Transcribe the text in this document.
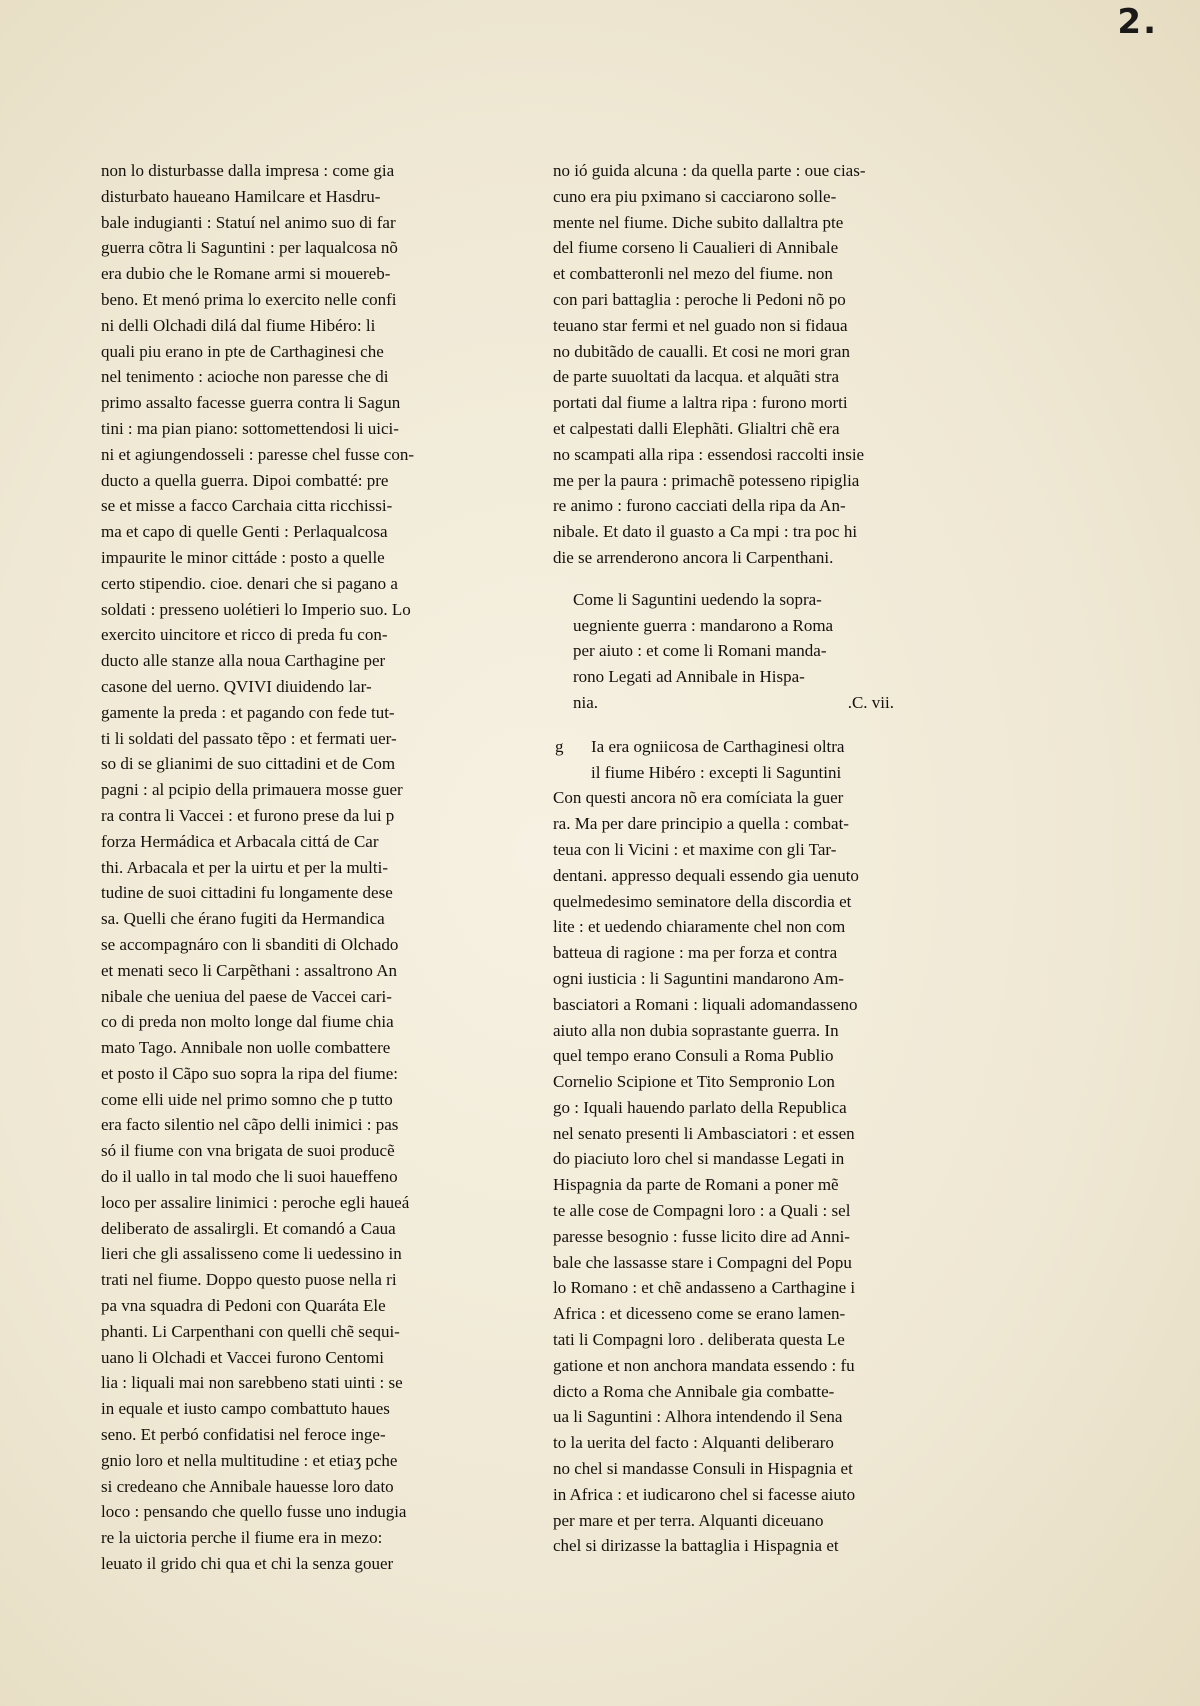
2.
non lo disturbasse dalla impresa : come gia
disturbato haueano Hamilcare et Hasdru-
bale indugianti : Statuí nel animo suo di far
guerra cõtra li Saguntini : per laqualcosa nõ
era dubio che le Romane armi si mouereb-
beno. Et menó prima lo exercito nelle confi
ni delli Olchadi dilá dal fiume Hibéro: li
quali piu erano in pte de Carthaginesi che
nel tenimento : acioche non paresse che di
primo assalto facesse guerra contra li Sagun
tini : ma pian piano: sottomettendosi li uici-
ni et agiungendosseli : paresse chel fusse con-
ducto a quella guerra. Dipoi combatté: pre
se et misse a facco Carchaia citta ricchissi-
ma et capo di quelle Genti : Perlaqualcosa
impaurite le minor cittáde : posto a quelle
certo stipendio. cioe. denari che si pagano a
soldati : presseno uolétieri lo Imperio suo. Lo
exercito uincitore et ricco di preda fu con-
ducto alle stanze alla noua Carthagine per
casone del uerno. QVIVI diuidendo lar-
gamente la preda : et pagando con fede tut-
ti li soldati del passato tẽpo : et fermati uer-
so di se glianimi de suo cittadini et de Com
pagni : al pcipio della primauera mosse guer
ra contra li Vaccei : et furono prese da lui p
forza Hermádica et Arbacala cittá de Car
thi. Arbacala et per la uirtu et per la multi-
tudine de suoi cittadini fu longamente dese
sa. Quelli che érano fugiti da Hermandica
se accompagnáro con li sbanditi di Olchado
et menati seco li Carpẽthani : assaltrono An
nibale che ueniua del paese de Vaccei cari-
co di preda non molto longe dal fiume chia
mato Tago. Annibale non uolle combattere
et posto il Cãpo suo sopra la ripa del fiume:
come elli uide nel primo somno che p tutto
era facto silentio nel cãpo delli inimici : pas
só il fiume con vna brigata de suoi producẽ
do il uallo in tal modo che li suoi haueffeno
loco per assalire linimici : peroche egli haueá
deliberato de assalirgli. Et comandó a Caua
lieri che gli assalisseno come li uedessino in
trati nel fiume. Doppo questo puose nella ri
pa vna squadra di Pedoni con Quaráta Ele
phanti. Li Carpenthani con quelli chẽ sequi-
uano li Olchadi et Vaccei furono Centomi
lia : liquali mai non sarebbeno stati uinti : se
in equale et iusto campo combattuto haues
seno. Et perbó confidatisi nel feroce inge-
gnio loro et nella multitudine : et etiaʒ pche
si credeano che Annibale hauesse loro dato
loco : pensando che quello fusse uno indugia
re la uictoria perche il fiume era in mezo:
leuato il grido chi qua et chi la senza gouer
no ió guida alcuna : da quella parte : oue cias-
cuno era piu pximano si cacciarono solle-
mente nel fiume. Diche subito dallaltra pte
del fiume corseno li Caualieri di Annibale
et combatteronli nel mezo del fiume. non
con pari battaglia : peroche li Pedoni nõ po
teuano star fermi et nel guado non si fidaua
no dubitãdo de caualli. Et cosi ne mori gran
de parte suuoltati da lacqua. et alquãti stra
portati dal fiume a laltra ripa : furono morti
et calpestati dalli Elephãti. Glialtri chẽ era
no scampati alla ripa : essendosi raccolti insie
me per la paura : primachẽ potesseno ripiglia
re animo : furono cacciati della ripa da An-
nibale. Et dato il guasto a Ca mpi : tra poc hi
die se arrenderono ancora li Carpenthani.
Come li Saguntini uedendo la sopra-
uegniente guerra : mandarono a Roma
per aiuto : et come li Romani manda-
rono Legati ad Annibale in Hispa-
nia.	.C. vii.
g	Ia era ogniicosa de Carthaginesi oltra
il fiume Hibéro : excepti li Saguntini
Con questi ancora nõ era comíciata la guer
ra. Ma per dare principio a quella : combat-
teua con li Vicini : et maxime con gli Tar-
dentani. appresso dequali essendo gia uenuto
quelmedesimo seminatore della discordia et
lite : et uedendo chiaramente chel non com
batteua di ragione : ma per forza et contra
ogni iusticia : li Saguntini mandarono Am-
basciatori a Romani : liquali adomandasseno
aiuto alla non dubia soprastante guerra. In
quel tempo erano Consuli a Roma Publio
Cornelio Scipione et Tito Sempronio Lon
go : Iquali hauendo parlato della Republica
nel senato presenti li Ambasciatori : et essen
do piaciuto loro chel si mandasse Legati in
Hispagnia da parte de Romani a poner mẽ
te alle cose de Compagni loro : a Quali : sel
paresse besognio : fusse licito dire ad Anni-
bale che lassasse stare i Compagni del Popu
lo Romano : et chẽ andasseno a Carthagine i
Africa : et dicesseno come se erano lamen-
tati li Compagni loro . deliberata questa Le
gatione et non anchora mandata essendo : fu
dicto a Roma che Annibale gia combatte-
ua li Saguntini : Alhora intendendo il Sena
to la uerita del facto : Alquanti deliberaro
no chel si mandasse Consuli in Hispagnia et
in Africa : et iudicarono chel si facesse aiuto
per mare et per terra. Alquanti diceuano
chel si dirizasse la battaglia i Hispagnia et
